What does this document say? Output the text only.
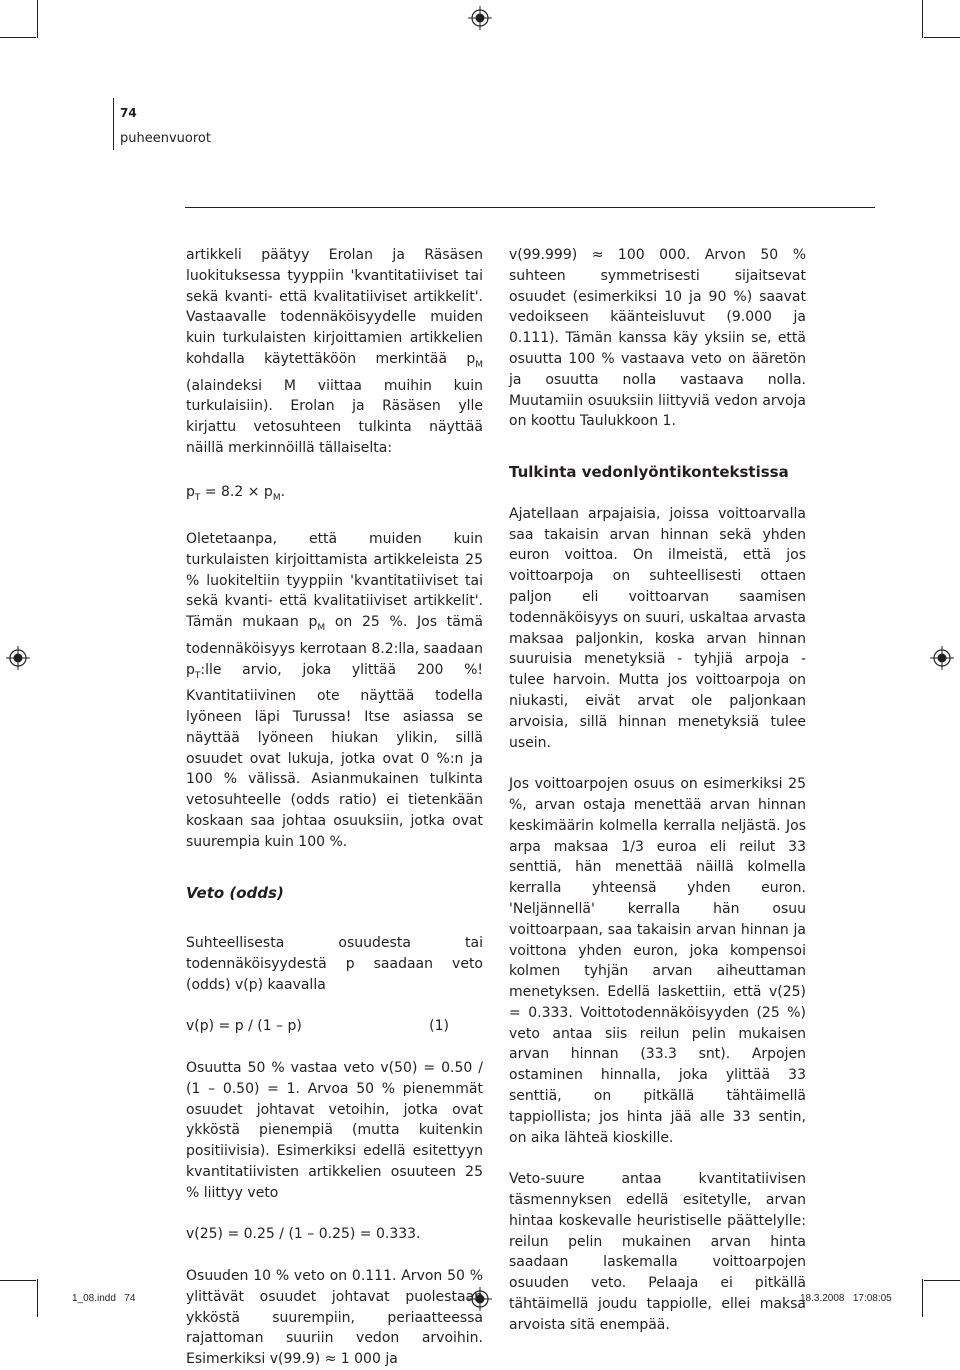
74
puheenvuorot

artikkeli päätyy Erolan ja Räsäsen luokituksessa tyyppiin 'kvantitatiiviset tai sekä kvanti- että kvalitatiiviset artikkelit'. Vastaavalle todennäköisyydelle muiden kuin turkulaisten kirjoittamien artikkelien kohdalla käytettäköön merkintää $p_M$ (alaindeksi M viittaa muihin kuin turkulaisiin). Erolan ja Räsäsen ylle kirjattu vetosuhteen tulkinta näyttää näillä merkinnöillä tällaiselta:

$p_T = 8.2 \times p_M$.

Oletetaanpa, että muiden kuin turkulaisten kirjoittamista artikkeleista 25 % luokiteltiin tyyppiin 'kvantitatiiviset tai sekä kvanti- että kvalitatiiviset artikkelit'. Tämän mukaan $p_M$ on 25 %. Jos tämä todennäköisyys kerrotaan 8.2:lla, saadaan $p_T:lle$ arvio, joka ylittää 200 %! Kvantitatiivinen ote näyttää todella lyöneen läpi Turussa! Itse asiassa se näyttää lyöneen hiukan ylikin, sillä osuudet ovat lukuja, jotka ovat 0 %:n ja 100 % välissä. Asianmukainen tulkinta vetosuhteelle (odds ratio) ei tietenkään koskaan saa johtaa osuuksiin, jotka ovat suurempia kuin 100 %.

Veto (odds)

Suhteellisesta osuudesta tai todennäköisyydestä p saadaan veto (odds) v(p) kaavalla

v(p) = p / (1 – p)	(1)

Osuutta 50 % vastaa veto v(50) = 0.50 / (1 – 0.50) = 1. Arvoa 50 % pienemmät osuudet johtavat vetoihin, jotka ovat ykköstä pienempiä (mutta kuitenkin positiivisia). Esimerkiksi edellä esitettyyn kvantitatiivisten artikkelien osuuteen 25 % liittyy veto

v(25) = 0.25 / (1 – 0.25) = 0.333.

Osuuden 10 % veto on 0.111. Arvon 50 % ylittävät osuudet johtavat puolestaan ykköstä suurempiin, periaatteessa rajattoman suuriin vedon arvoihin. Esimerkiksi v(99.9) ≈ 1 000 ja

v(99.999) ≈ 100 000. Arvon 50 % suhteen symmetrisesti sijaitsevat osuudet (esimerkiksi 10 ja 90 %) saavat vedoikseen käänteisluvut (9.000 ja 0.111). Tämän kanssa käy yksiin se, että osuutta 100 % vastaava veto on ääretön ja osuutta nolla vastaava nolla. Muutamiin osuuksiin liittyviä vedon arvoja on koottu Taulukkoon 1.

Tulkinta vedonlyöntikontekstissa

Ajatellaan arpajaisia, joissa voittoarvalla saa takaisin arvan hinnan sekä yhden euron voittoa. On ilmeistä, että jos voittoarpoja on suhteellisesti ottaen paljon eli voittoarvan saamisen todennäköisyys on suuri, uskaltaa arvasta maksaa paljonkin, koska arvan hinnan suuruisia menetyksiä - tyhjiä arpoja - tulee harvoin. Mutta jos voittoarpoja on niukasti, eivät arvat ole paljonkaan arvoisia, sillä hinnan menetyksiä tulee usein.

Jos voittoarpojen osuus on esimerkiksi 25 %, arvan ostaja menettää arvan hinnan keskimäärin kolmella kerralla neljästä. Jos arpa maksaa 1/3 euroa eli reilut 33 senttiä, hän menettää näillä kolmella kerralla yhteensä yhden euron. 'Neljännellä' kerralla hän osuu voittoarpaan, saa takaisin arvan hinnan ja voittona yhden euron, joka kompensoi kolmen tyhjän arvan aiheuttaman menetyksen. Edellä laskettiin, että v(25) = 0.333. Voittotodennäköisyyden (25 %) veto antaa siis reilun pelin mukaisen arvan hinnan (33.3 snt). Arpojen ostaminen hinnalla, joka ylittää 33 senttiä, on pitkällä tähtäimellä tappiollista; jos hinta jää alle 33 sentin, on aika lähteä kioskille.

Veto-suure antaa kvantitatiivisen täsmennyksen edellä esitetylle, arvan hintaa koskevalle heuristiselle päättelylle: reilun pelin mukainen arvan hinta saadaan laskemalla voittoarpojen osuuden veto. Pelaaja ei pitkällä tähtäimellä joudu tappiolle, ellei maksa arvoista sitä enempää.

1_08.indd   74	18.3.2008   17:08:05
